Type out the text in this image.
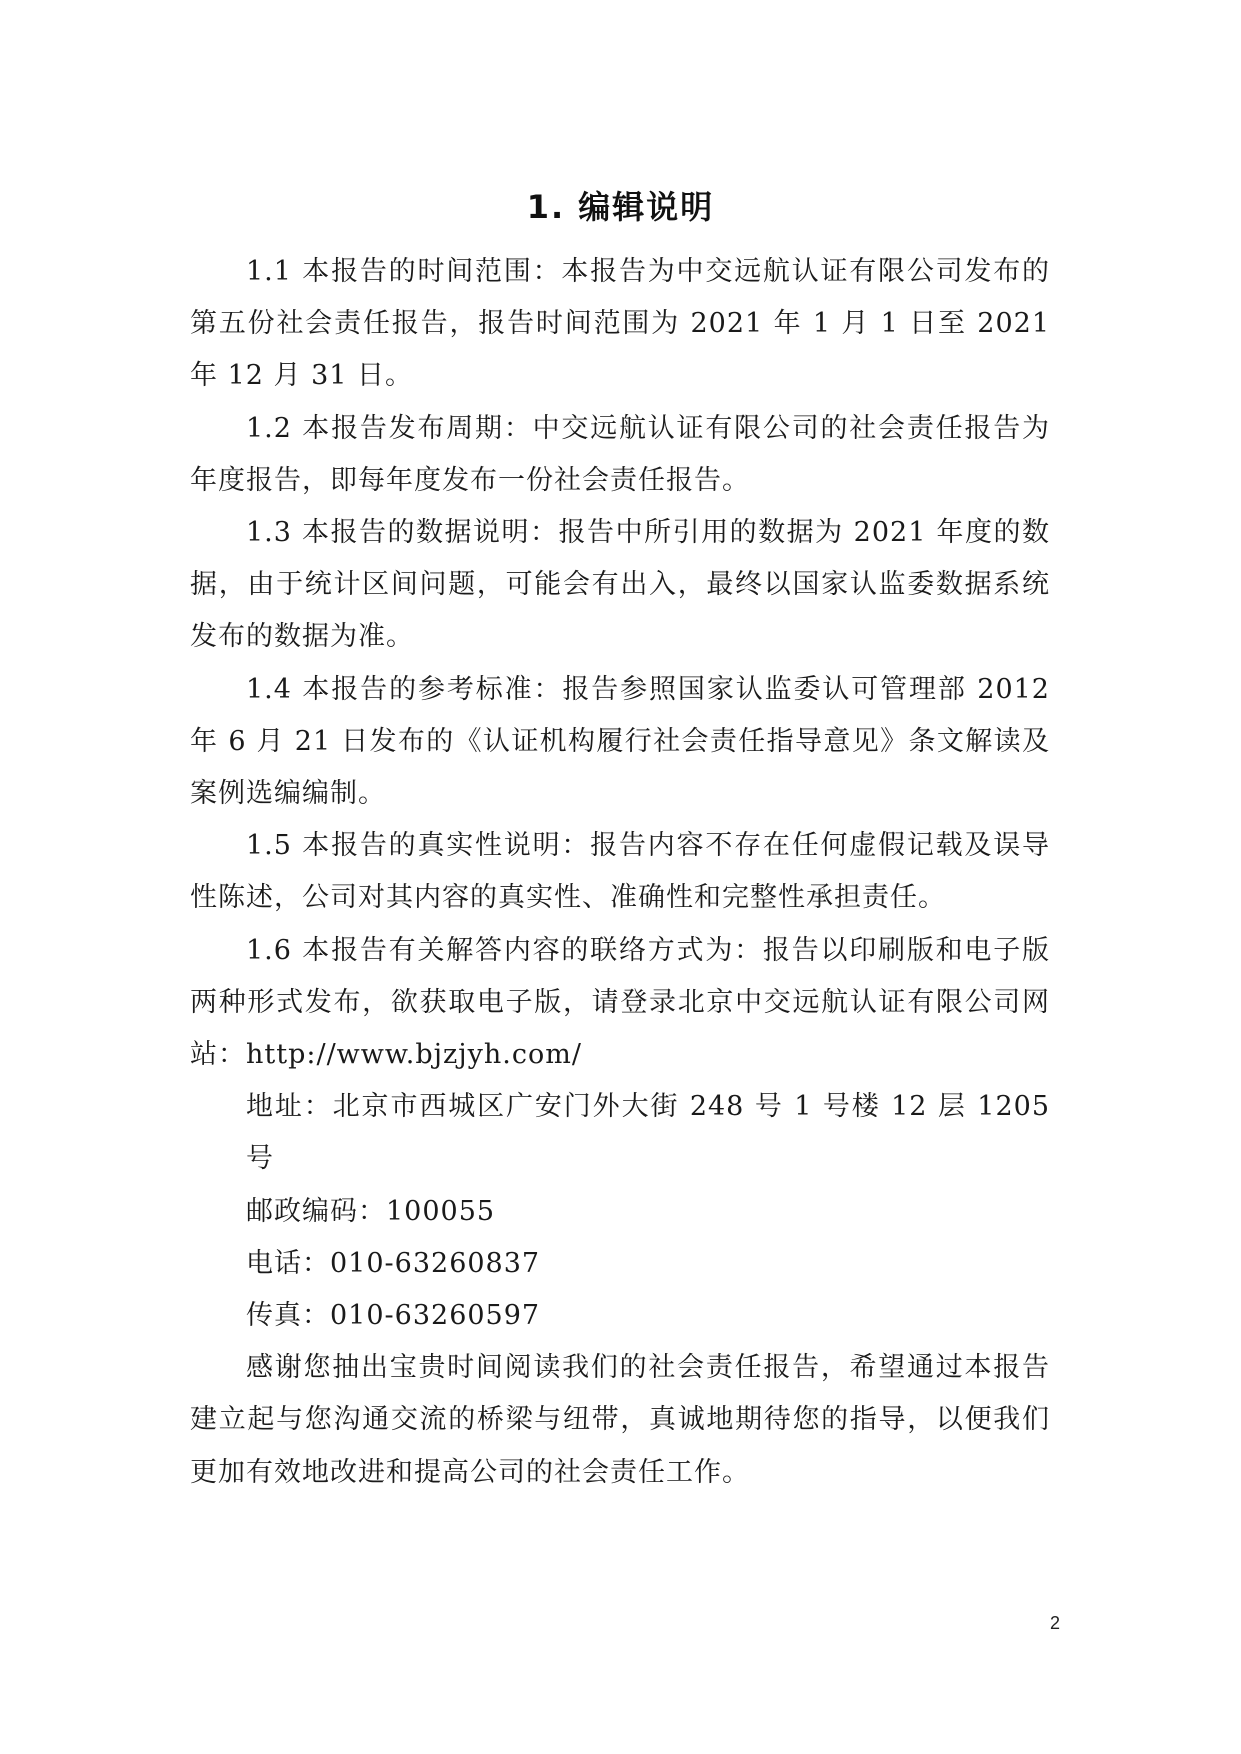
1. 编辑说明

1.1 本报告的时间范围：本报告为中交远航认证有限公司发布的第五份社会责任报告，报告时间范围为 2021 年 1 月 1 日至 2021 年 12 月 31 日。

1.2 本报告发布周期：中交远航认证有限公司的社会责任报告为年度报告，即每年度发布一份社会责任报告。

1.3 本报告的数据说明：报告中所引用的数据为 2021 年度的数据，由于统计区间问题，可能会有出入，最终以国家认监委数据系统发布的数据为准。

1.4 本报告的参考标准：报告参照国家认监委认可管理部 2012 年 6 月 21 日发布的《认证机构履行社会责任指导意见》条文解读及案例选编编制。

1.5 本报告的真实性说明：报告内容不存在任何虚假记载及误导性陈述，公司对其内容的真实性、准确性和完整性承担责任。

1.6 本报告有关解答内容的联络方式为：报告以印刷版和电子版两种形式发布，欲获取电子版，请登录北京中交远航认证有限公司网站：http://www.bjzjyh.com/

地址：北京市西城区广安门外大街 248 号 1 号楼 12 层 1205 号

邮政编码：100055

电话：010-63260837

传真：010-63260597

感谢您抽出宝贵时间阅读我们的社会责任报告，希望通过本报告建立起与您沟通交流的桥梁与纽带，真诚地期待您的指导，以便我们更加有效地改进和提高公司的社会责任工作。

2
